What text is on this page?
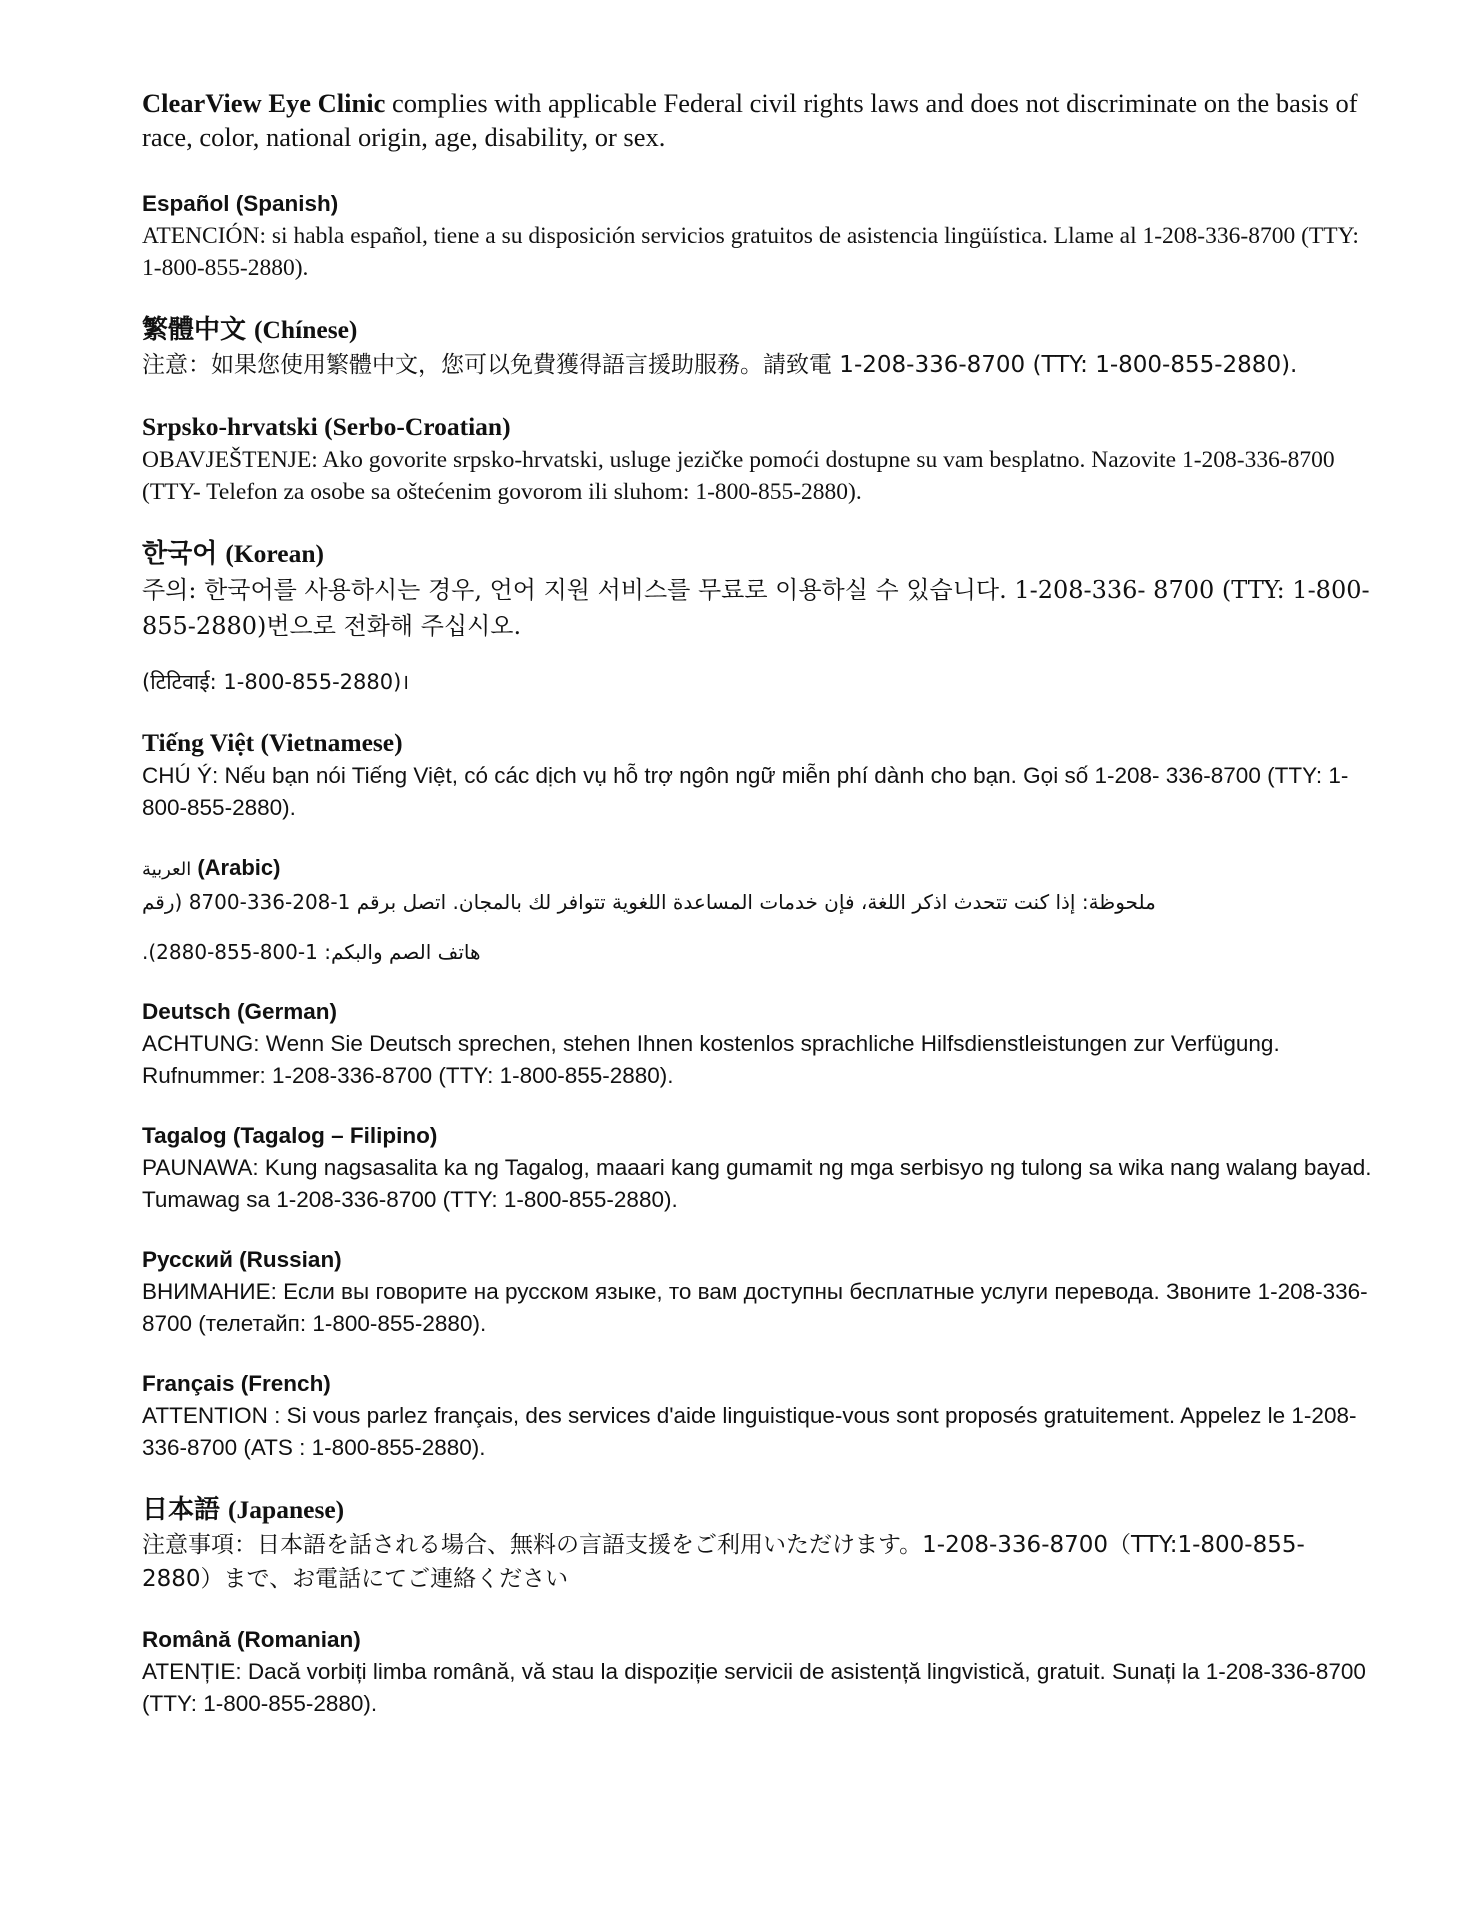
ClearView Eye Clinic complies with applicable Federal civil rights laws and does not discriminate on the basis of race, color, national origin, age, disability, or sex.

Español (Spanish)

ATENCIÓN: si habla español, tiene a su disposición servicios gratuitos de asistencia lingüística. Llame al 1-208-336-8700 (TTY: 1-800-855-2880).

繁體中文 (Chínese)

注意：如果您使用繁體中文，您可以免費獲得語言援助服務。請致電 1-208-336-8700 (TTY: 1-800-855-2880).

Srpsko-hrvatski (Serbo-Croatian)

OBAVJEŠTENJE: Ako govorite srpsko-hrvatski, usluge jezičke pomoći dostupne su vam besplatno. Nazovite 1-208-336-8700 (TTY- Telefon za osobe sa oštećenim govorom ili sluhom: 1-800-855-2880).

한국어 (Korean)

주의: 한국어를 사용하시는 경우, 언어 지원 서비스를 무료로 이용하실 수 있습니다. 1-208-336- 8700 (TTY: 1-800-855-2880)번으로 전화해 주십시오.

(टिटिवाई: 1-800-855-2880)।

Tiếng Việt (Vietnamese)

CHÚ Ý: Nếu bạn nói Tiếng Việt, có các dịch vụ hỗ trợ ngôn ngữ miễn phí dành cho bạn. Gọi số 1-208- 336-8700 (TTY: 1-800-855-2880).

العربية (Arabic)

ملحوظة: إذا كنت تتحدث اذكر اللغة، فإن خدمات المساعدة اللغوية تتوافر لك بالمجان. اتصل برقم 1-208-336-8700 (رقم

هاتف الصم والبكم: 1-800-855-2880).

Deutsch (German)

ACHTUNG: Wenn Sie Deutsch sprechen, stehen Ihnen kostenlos sprachliche Hilfsdienstleistungen zur Verfügung. Rufnummer: 1-208-336-8700 (TTY: 1-800-855-2880).

Tagalog (Tagalog – Filipino)

PAUNAWA: Kung nagsasalita ka ng Tagalog, maaari kang gumamit ng mga serbisyo ng tulong sa wika nang walang bayad. Tumawag sa 1-208-336-8700 (TTY: 1-800-855-2880).

Русский (Russian)

ВНИМАНИЕ: Если вы говорите на русском языке, то вам доступны бесплатные услуги перевода. Звоните 1-208-336-8700 (телетайп: 1-800-855-2880).

Français (French)

ATTENTION : Si vous parlez français, des services d'aide linguistique-vous sont proposés gratuitement. Appelez le 1-208-336-8700 (ATS : 1-800-855-2880).

日本語 (Japanese)

注意事項：日本語を話される場合、無料の言語支援をご利用いただけます。1-208-336-8700（TTY:1-800-855-2880）まで、お電話にてご連絡ください

Română (Romanian)

ATENȚIE: Dacă vorbiți limba română, vă stau la dispoziție servicii de asistență lingvistică, gratuit. Sunați la 1-208-336-8700 (TTY: 1-800-855-2880).
